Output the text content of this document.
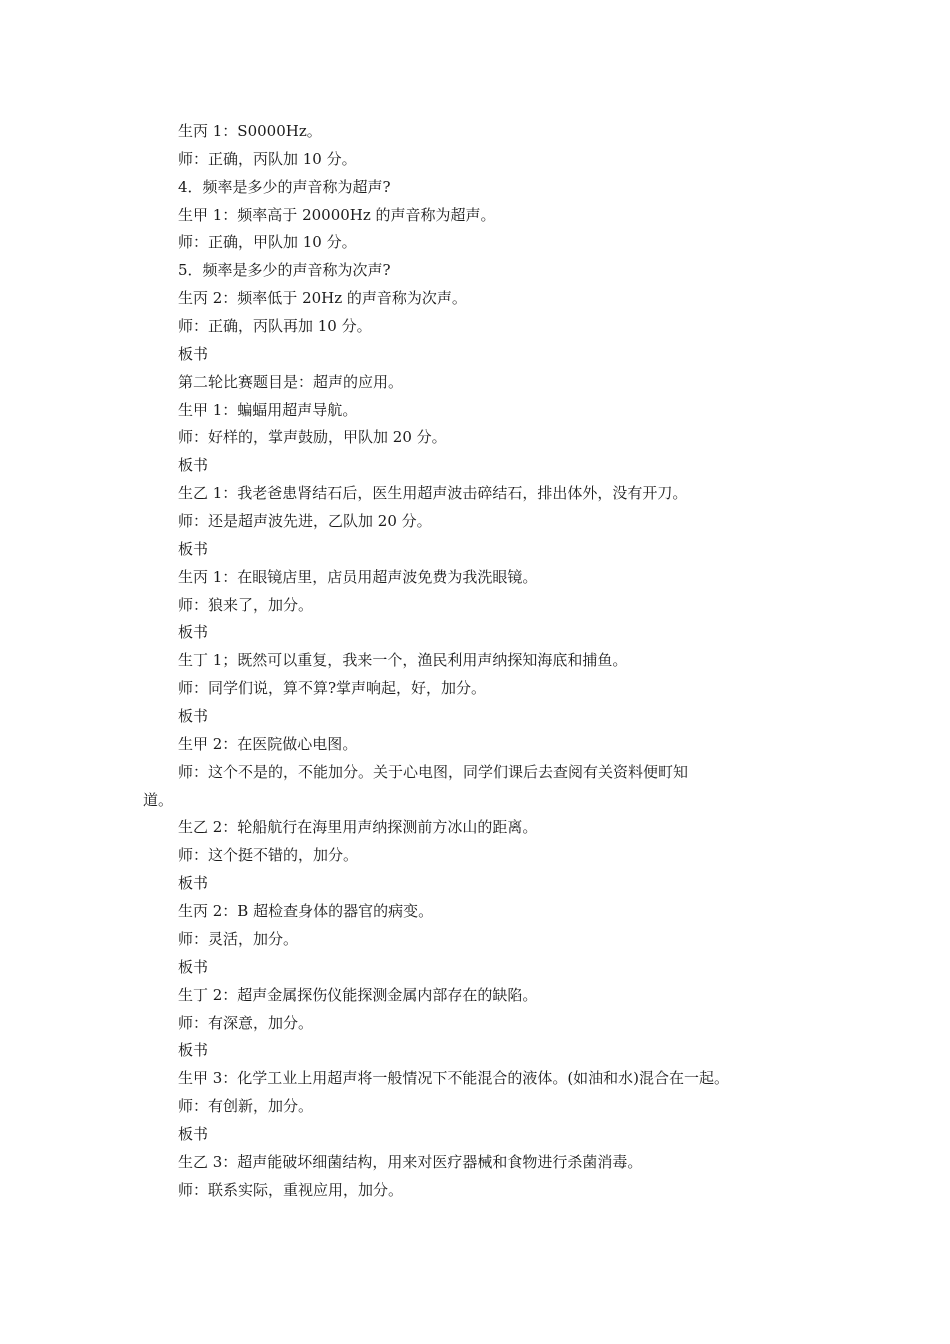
生丙 1：S0000Hz。
师：正确，丙队加 10 分。
4．频率是多少的声音称为超声?
生甲 1：频率高于 20000Hz 的声音称为超声。
师：正确，甲队加 10 分。
5．频率是多少的声音称为次声?
生丙 2：频率低于 20Hz 的声音称为次声。
师：正确，丙队再加 10 分。
板书
第二轮比赛题目是：超声的应用。
生甲 1：蝙蝠用超声导航。
师：好样的，掌声鼓励，甲队加 20 分。
板书
生乙 1：我老爸患肾结石后，医生用超声波击碎结石，排出体外，没有开刀。
师：还是超声波先进，乙队加 20 分。
板书
生丙 1：在眼镜店里，店员用超声波免费为我洗眼镜。
师：狼来了，加分。
板书
生丁 1；既然可以重复，我来一个，渔民利用声纳探知海底和捕鱼。
师：同学们说，算不算?掌声响起，好，加分。
板书
生甲 2：在医院做心电图。
师：这个不是的，不能加分。关于心电图，同学们课后去查阅有关资料便町知
道。
生乙 2：轮船航行在海里用声纳探测前方冰山的距离。
师：这个挺不错的，加分。
板书
生丙 2：B 超检查身体的器官的病变。
师：灵活，加分。
板书
生丁 2：超声金属探伤仪能探测金属内部存在的缺陷。
师：有深意，加分。
板书
生甲 3：化学工业上用超声将一般情况下不能混合的液体。(如油和水)混合在一起。
师：有创新，加分。
板书
生乙 3：超声能破坏细菌结构，用来对医疗器械和食物进行杀菌消毒。
师：联系实际，重视应用，加分。
